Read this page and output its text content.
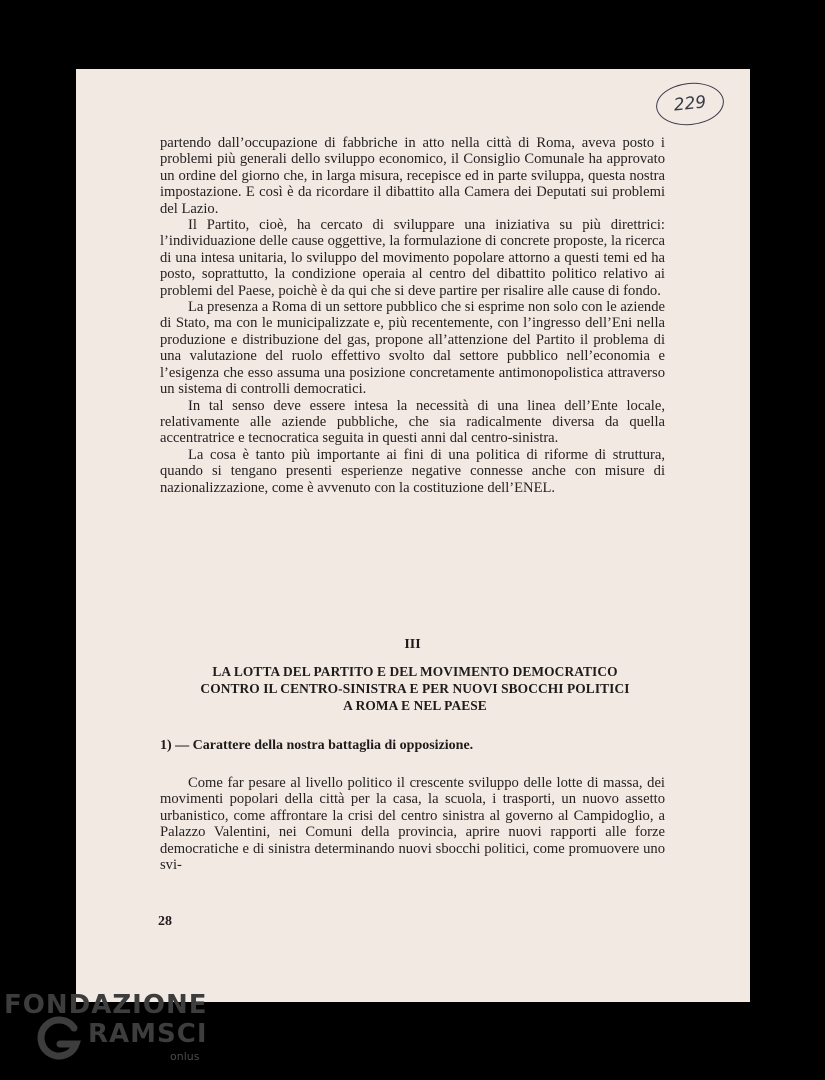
229

partendo dall’occupazione di fabbriche in atto nella città di Roma, aveva posto i problemi più generali dello sviluppo economico, il Consiglio Comunale ha approvato un ordine del giorno che, in larga misura, recepisce ed in parte sviluppa, questa nostra impostazione. E così è da ricordare il dibattito alla Camera dei Deputati sui problemi del Lazio.

Il Partito, cioè, ha cercato di sviluppare una iniziativa su più direttrici: l’individuazione delle cause oggettive, la formulazione di concrete proposte, la ricerca di una intesa unitaria, lo sviluppo del movimento popolare attorno a questi temi ed ha posto, soprattutto, la condizione operaia al centro del dibattito politico relativo ai problemi del Paese, poichè è da qui che si deve partire per risalire alle cause di fondo.

La presenza a Roma di un settore pubblico che si esprime non solo con le aziende di Stato, ma con le municipalizzate e, più recentemente, con l’ingresso dell’Eni nella produzione e distribuzione del gas, propone all’attenzione del Partito il problema di una valutazione del ruolo effettivo svolto dal settore pubblico nell’economia e l’esigenza che esso assuma una posizione concretamente antimonopolistica attraverso un sistema di controlli democratici.

In tal senso deve essere intesa la necessità di una linea dell’Ente locale, relativamente alle aziende pubbliche, che sia radicalmente diversa da quella accentratrice e tecnocratica seguita in questi anni dal centro-sinistra.

La cosa è tanto più importante ai fini di una politica di riforme di struttura, quando si tengano presenti esperienze negative connesse anche con misure di nazionalizzazione, come è avvenuto con la costituzione dell’ENEL.

III
LA LOTTA DEL PARTITO E DEL MOVIMENTO DEMOCRATICO
CONTRO IL CENTRO-SINISTRA E PER NUOVI SBOCCHI POLITICI
A ROMA E NEL PAESE
1) — Carattere della nostra battaglia di opposizione.

Come far pesare al livello politico il crescente sviluppo delle lotte di massa, dei movimenti popolari della città per la casa, la scuola, i trasporti, un nuovo assetto urbanistico, come affrontare la crisi del centro sinistra al governo al Campidoglio, a Palazzo Valentini, nei Comuni della provincia, aprire nuovi rapporti alle forze democratiche e di sinistra determinando nuovi sbocchi politici, come promuovere uno svi-

28
FONDAZIONE
RAMSCI
onlus
